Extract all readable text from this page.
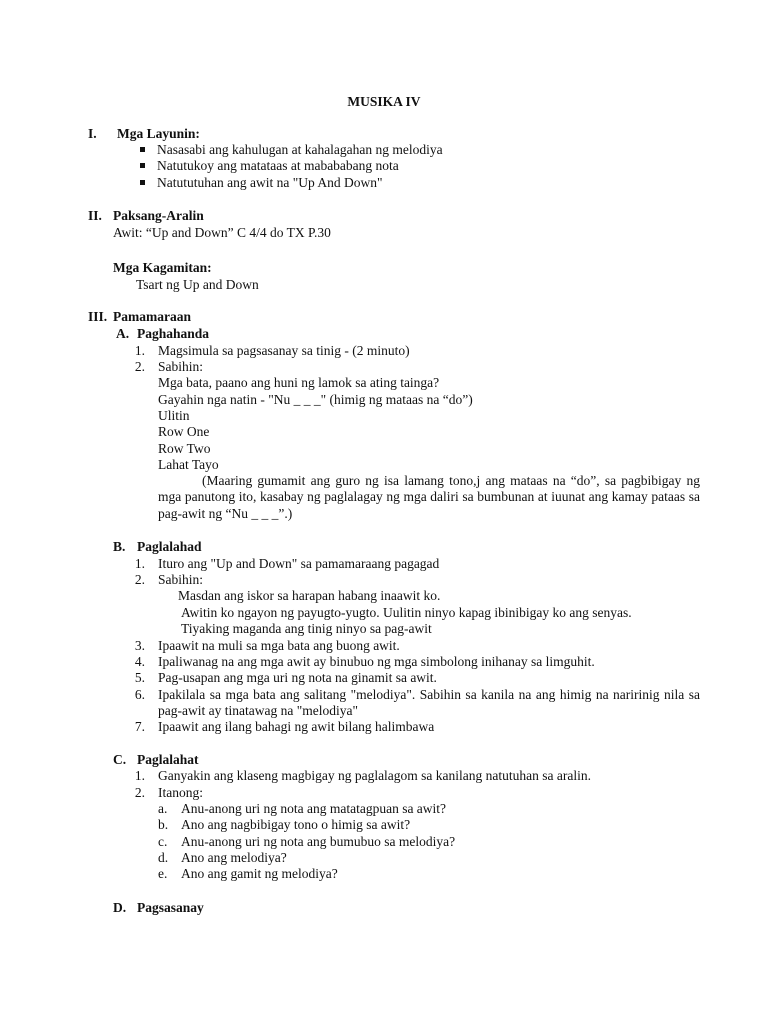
MUSIKA IV
I. Mga Layunin:
Nasasabi ang kahulugan at kahalagahan ng melodiya
Natutukoy ang matataas at mabababang nota
Natututuhan ang awit na "Up And Down"
II. Paksang-Aralin
Awit: “Up and Down” C 4/4 do TX P.30
Mga Kagamitan:
Tsart ng Up and Down
III. Pamamaraan
A. Paghahanda
1. Magsimula sa pagsasanay sa tinig - (2 minuto)
2. Sabihin:
Mga bata, paano ang huni ng lamok sa ating tainga?
Gayahin nga natin - "Nu _ _ _" (himig ng mataas na “do”)
Ulitin
Row One
Row Two
Lahat Tayo
(Maaring gumamit ang guro ng isa lamang tono,j ang mataas na “do”, sa pagbibigay ng mga panutong ito, kasabay ng paglalagay ng mga daliri sa bumbunan at iuunat ang kamay pataas sa pag-awit ng “Nu _ _ _”.)
B. Paglalahad
1. Ituro ang "Up and Down" sa pamamaraang pagagad
2. Sabihin:
Masdan ang iskor sa harapan habang inaawit ko.
Awitin ko ngayon ng payugto-yugto. Uulitin ninyo kapag ibinibigay ko ang senyas.
Tiyaking maganda ang tinig ninyo sa pag-awit
3. Ipaawit na muli sa mga bata ang buong awit.
4. Ipaliwanag na ang mga awit ay binubuo ng mga simbolong inihanay sa limguhit.
5. Pag-usapan ang mga uri ng nota na ginamit sa awit.
6. Ipakilala sa mga bata ang salitang "melodiya". Sabihin sa kanila na ang himig na naririnig nila sa pag-awit ay tinatawag na "melodiya"
7. Ipaawit ang ilang bahagi ng awit bilang halimbawa
C. Paglalahat
1. Ganyakin ang klaseng magbigay ng paglalagom sa kanilang natutuhan sa aralin.
2. Itanong:
a. Anu-anong uri ng nota ang matatagpuan sa awit?
b. Ano ang nagbibigay tono o himig sa awit?
c. Anu-anong uri ng nota ang bumubuo sa melodiya?
d. Ano ang melodiya?
e. Ano ang gamit ng melodiya?
D. Pagsasanay
